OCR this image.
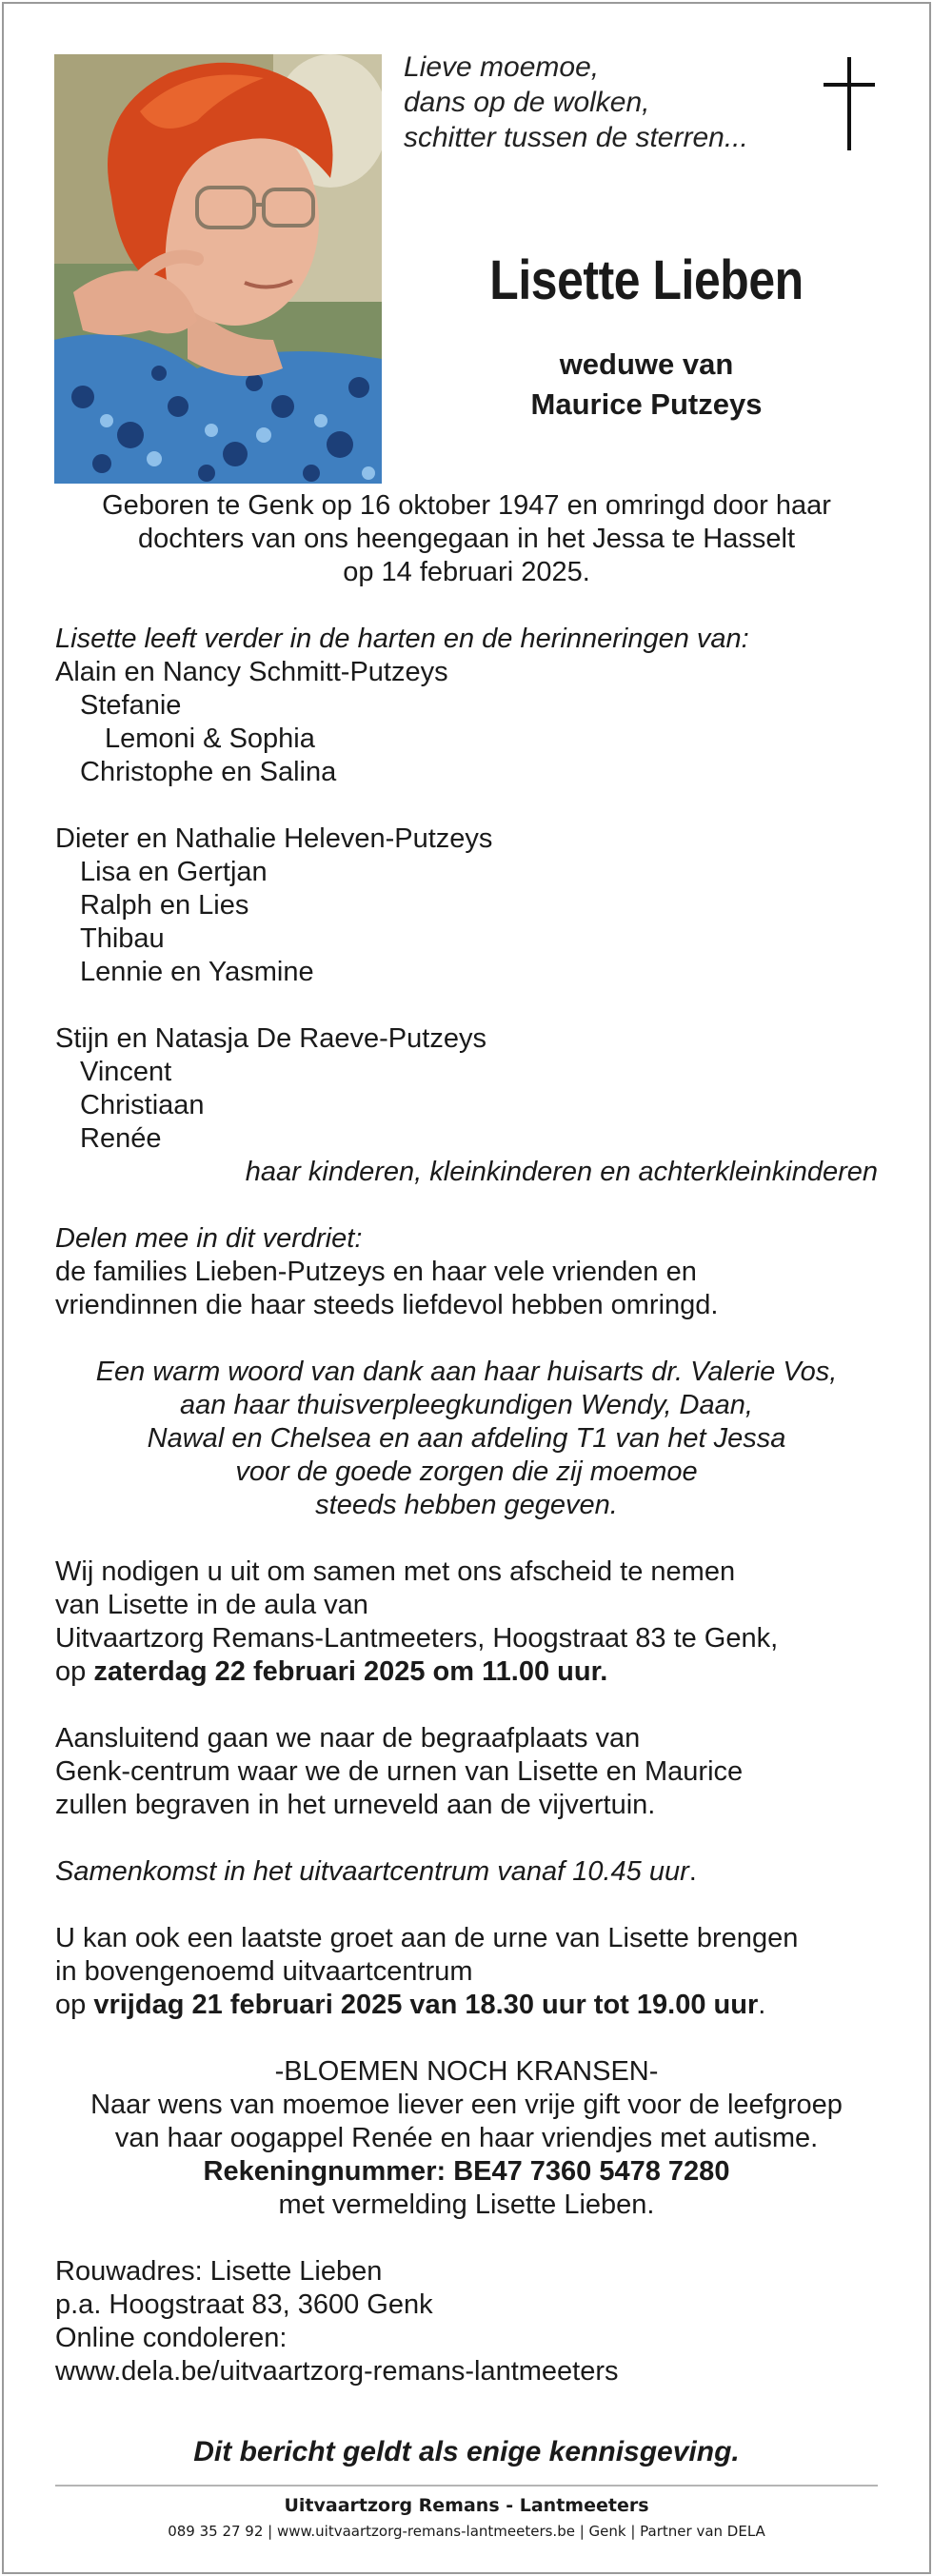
Lieve moemoe,
dans op de wolken,
schitter tussen de sterren...
Lisette Lieben
weduwe van
Maurice Putzeys
Geboren te Genk op 16 oktober 1947 en omringd door haar
dochters van ons heengegaan in het Jessa te Hasselt
op 14 februari 2025.
Lisette leeft verder in de harten en de herinneringen van:
Alain en Nancy Schmitt-Putzeys
Stefanie
Lemoni & Sophia
Christophe en Salina
Dieter en Nathalie Heleven-Putzeys
Lisa en Gertjan
Ralph en Lies
Thibau
Lennie en Yasmine
Stijn en Natasja De Raeve-Putzeys
Vincent
Christiaan
Renée
haar kinderen, kleinkinderen en achterkleinkinderen
Delen mee in dit verdriet:
de families Lieben-Putzeys en haar vele vrienden en
vriendinnen die haar steeds liefdevol hebben omringd.
Een warm woord van dank aan haar huisarts dr. Valerie Vos,
aan haar thuisverpleegkundigen Wendy, Daan,
Nawal en Chelsea en aan afdeling T1 van het Jessa
voor de goede zorgen die zij moemoe
steeds hebben gegeven.
Wij nodigen u uit om samen met ons afscheid te nemen
van Lisette in de aula van
Uitvaartzorg Remans-Lantmeeters, Hoogstraat 83 te Genk,
op zaterdag 22 februari 2025 om 11.00 uur.
Aansluitend gaan we naar de begraafplaats van
Genk-centrum waar we de urnen van Lisette en Maurice
zullen begraven in het urneveld aan de vijvertuin.
Samenkomst in het uitvaartcentrum vanaf 10.45 uur.
U kan ook een laatste groet aan de urne van Lisette brengen
in bovengenoemd uitvaartcentrum
op vrijdag 21 februari 2025 van 18.30 uur tot 19.00 uur.
-BLOEMEN NOCH KRANSEN-
Naar wens van moemoe liever een vrije gift voor de leefgroep
van haar oogappel Renée en haar vriendjes met autisme.
Rekeningnummer: BE47 7360 5478 7280
met vermelding Lisette Lieben.
Rouwadres: Lisette Lieben
p.a. Hoogstraat 83, 3600 Genk
Online condoleren:
www.dela.be/uitvaartzorg-remans-lantmeeters
Dit bericht geldt als enige kennisgeving.
Uitvaartzorg Remans - Lantmeeters
089 35 27 92 | www.uitvaartzorg-remans-lantmeeters.be | Genk | Partner van DELA
